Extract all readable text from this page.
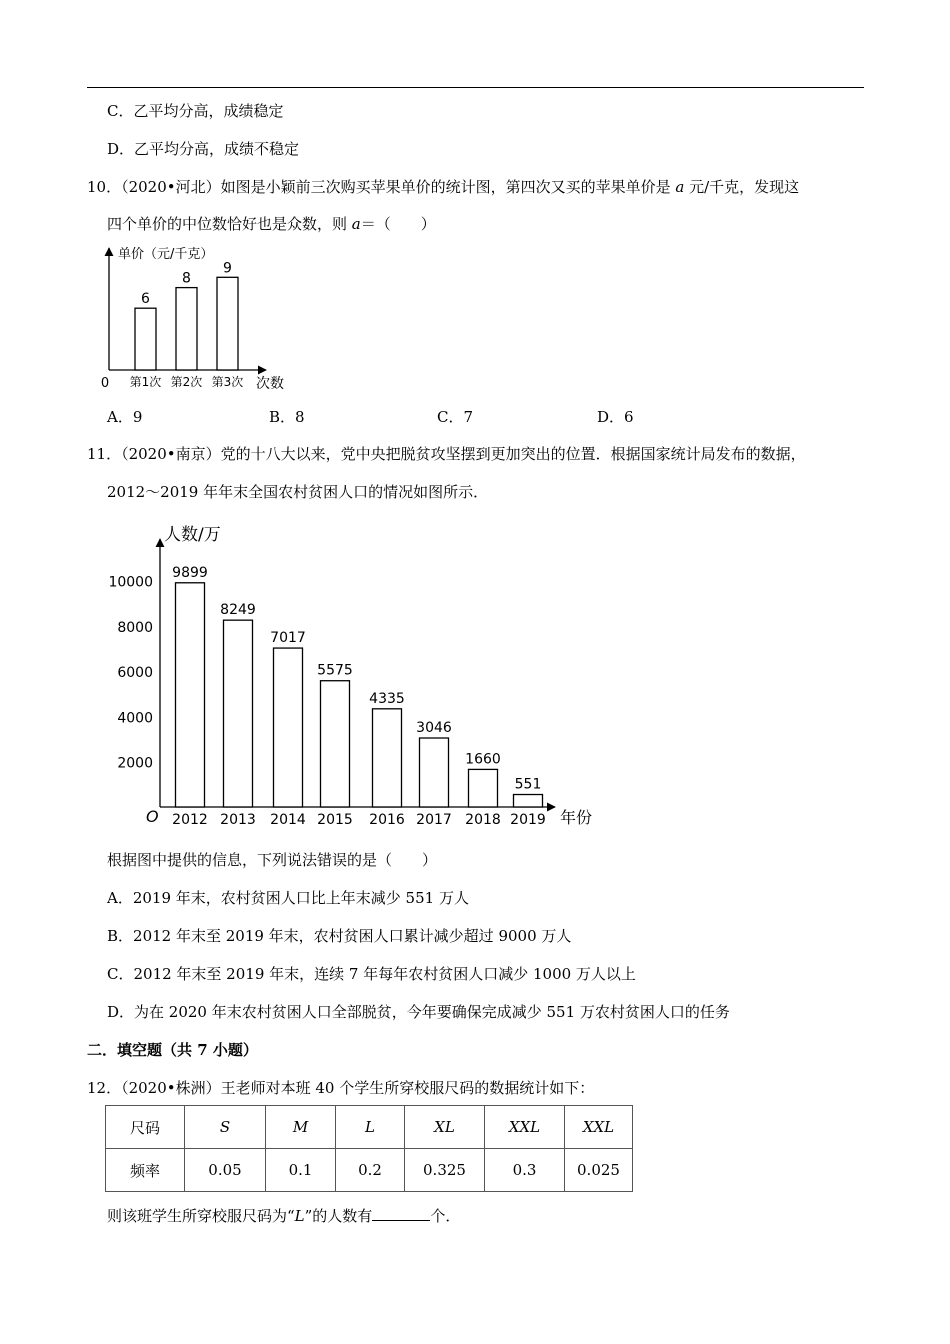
C．乙平均分高，成绩稳定
D．乙平均分高，成绩不稳定
10．（2020•河北）如图是小颖前三次购买苹果单价的统计图，第四次又买的苹果单价是 a 元/千克，发现这
四个单价的中位数恰好也是众数，则 a＝（　　）
单价（元/千克）
0	次数
6
第1次
8
第2次
9
第3次
A．9	B．8	C．7	D．6
11．（2020•南京）党的十八大以来，党中央把脱贫攻坚摆到更加突出的位置．根据国家统计局发布的数据，
2012～2019 年年末全国农村贫困人口的情况如图所示．
人数/万
O	年份
2000
4000
6000
8000
10000
9899
2012
8249
2013
7017
2014
5575
2015
4335
2016
3046
2017
1660
2018
551
2019
根据图中提供的信息，下列说法错误的是（　　）
A．2019 年末，农村贫困人口比上年末减少 551 万人
B．2012 年末至 2019 年末，农村贫困人口累计减少超过 9000 万人
C．2012 年末至 2019 年末，连续 7 年每年农村贫困人口减少 1000 万人以上
D．为在 2020 年末农村贫困人口全部脱贫，今年要确保完成减少 551 万农村贫困人口的任务
二．填空题（共 7 小题）
12．（2020•株洲）王老师对本班 40 个学生所穿校服尺码的数据统计如下：
尺码	S	M	L	XL	XXL	XXL
频率	0.05	0.1	0.2	0.325	0.3	0.025
则该班学生所穿校服尺码为“L”的人数有	个．
